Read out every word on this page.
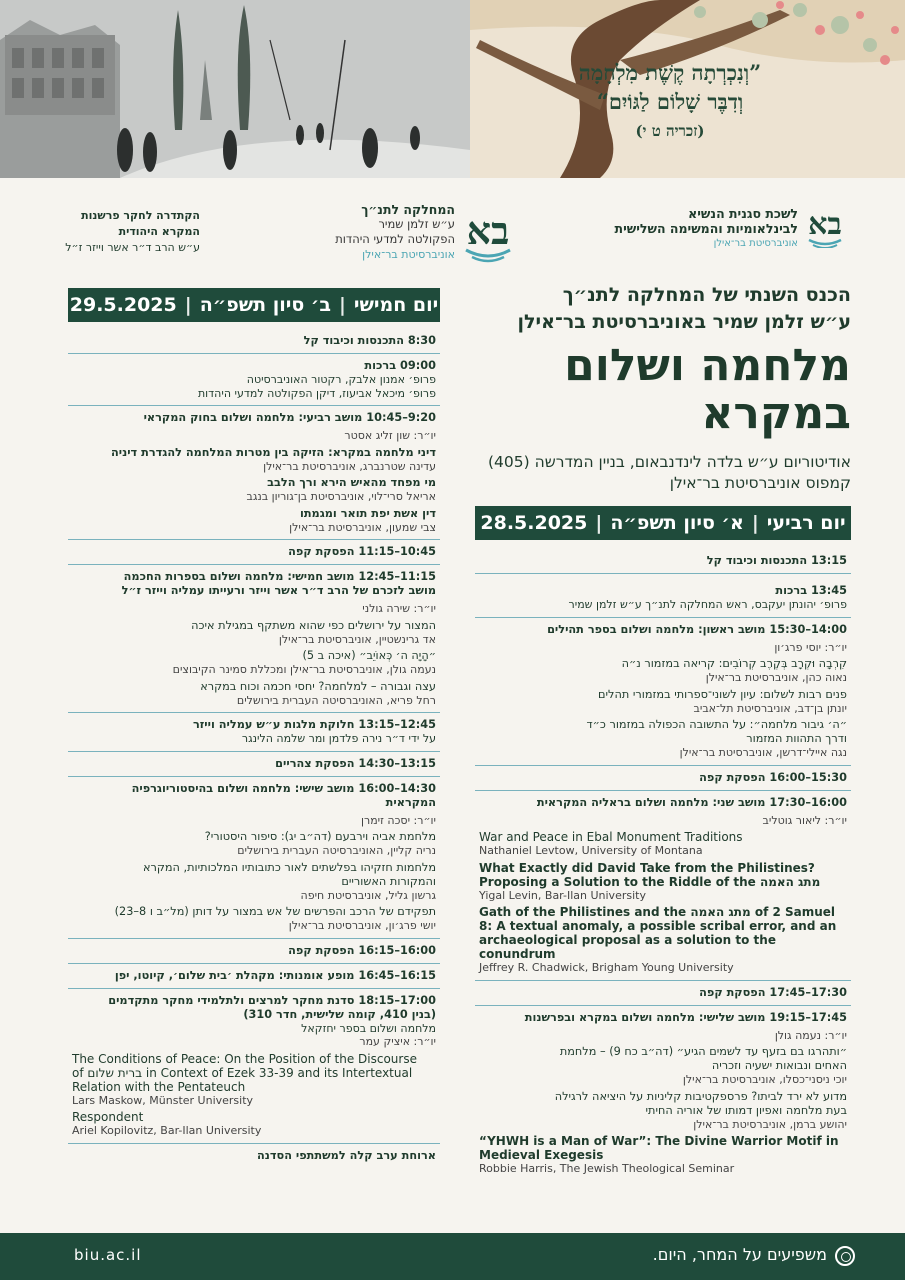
”וְנִכְרְתָה קֶשֶׁת מִלְחָמָה
וְדִבֶּר שָׁלוֹם לַגּוֹיִם“
(זכריה ט י)
בא
לשכת סגנית הנשיא
לבינלאומיות והמשימה השלישית
אוניברסיטת בר־אילן
בא
המחלקה לתנ״ך
ע״ש זלמן שמיר
הפקולטה למדעי היהדות
אוניברסיטת בר־אילן
הקתדרה לחקר פרשנות
המקרא היהודית
ע״ש הרב ד״ר אשר וייזר ז״ל
הכנס השנתי של המחלקה לתנ״ך
ע״ש זלמן שמיר באוניברסיטת בר־אילן
מלחמה ושלום
במקרא
אודיטוריום ע״ש בלדה לינדנבאום, בניין המדרשה (405)
קמפוס אוניברסיטת בר־אילן
יום רביעי
|
א׳ סיון תשפ״ה
|
28.5.2025
13:15 התכנסות וכיבוד קל
13:45 ברכות
פרופ׳ יהונתן יעקבס, ראש המחלקה לתנ״ך ע״ש זלמן שמיר
14:00–15:30 מושב ראשון: מלחמה ושלום בספר תהילים
יו״ר: יוסי פרג׳ון
קִרְבָה וּקְרָב בְּקֶרֶב קְרוֹבִים: קריאה במזמור נ״ה
נאוה כהן, אוניברסיטת בר־אילן
פנים רבות לשלום: עיון לשוני־ספרותי במזמורי תהלים
יונתן בן־דב, אוניברסיטת תל־אביב
״ה׳ גיבור מלחמה״: על התשובה הכפולה במזמור כ״ד
ודרך התהוות המזמור
נגה איילי־דרשן, אוניברסיטת בר־אילן
15:30–16:00 הפסקת קפה
16:00–17:30 מושב שני: מלחמה ושלום בראליה המקראית
יו״ר: ליאור גוטליב
War and Peace in Ebal Monument Traditions
Nathaniel Levtow, University of Montana
What Exactly did David Take from the Philistines?
Proposing a Solution to the Riddle of the מתג האמה
Yigal Levin, Bar-Ilan University
Gath of the Philistines and the מתג האמה of 2 Samuel
8: A textual anomaly, a possible scribal error, and an
archaeological proposal as a solution to the conundrum
Jeffrey R. Chadwick, Brigham Young University
17:30–17:45 הפסקת קפה
17:45–19:15 מושב שלישי: מלחמה ושלום במקרא ובפרשנות
יו״ר: נעמה גולן
״ותהרגו בם בזעף עד לשמים הגיע״ (דה״ב כח 9) – מלחמת
האחים ונבואות ישעיה וזכריה
יוכי ניסני־כסלו, אוניברסיטת בר־אילן
מדוע לא ירד לביתו? פרספקטיבות קליניות על היציאה לרגילה
בעת מלחמה ואפיון דמותו של אוריה החיתי
יהושע ברמן, אוניברסיטת בר־אילן
“YHWH is a Man of War”: The Divine Warrior Motif in
Medieval Exegesis
Robbie Harris, The Jewish Theological Seminar
יום חמישי
|
ב׳ סיון תשפ״ה
|
29.5.2025
8:30 התכנסות וכיבוד קל
09:00 ברכות
פרופ׳ אמנון אלבק, רקטור האוניברסיטה
פרופ׳ מיכאל אביעוז, דיקן הפקולטה למדעי היהדות
9:20–10:45 מושב רביעי: מלחמה ושלום בחוק המקראי
יו״ר: שון זליג אסטר
דיני מלחמה במקרא: הזיקה בין מטרות המלחמה להגדרת דיניה
עדינה שטרנברג, אוניברסיטת בר־אילן
מי מפחד מהאיש הירא ורך הלבב
אריאל סרי־לוי, אוניברסיטת בן־גוריון בנגב
דין אשת יפת תואר ומגמתו
צבי שמעון, אוניברסיטת בר־אילן
10:45–11:15 הפסקת קפה
11:15–12:45 מושב חמישי: מלחמה ושלום בספרות החכמה
מושב לזכרם של הרב ד״ר אשר וייזר ורעייתו עמליה וייזר ז״ל
יו״ר: שירה גולני
המצור על ירושלים כפי שהוא משתקף במגילת איכה
אד גרינשטיין, אוניברסיטת בר־אילן
״הָיָה ה׳ כְּאוֹיֵב״ (איכה ב 5)
נעמה גולן, אוניברסיטת בר־אילן ומכללת סמינר הקיבוצים
עצה וגבורה – למלחמה? יחסי חכמה וכוח במקרא
רחל פריא, האוניברסיטה העברית בירושלים
12:45–13:15 חלוקת מלגות ע״ש עמליה וייזר
על ידי ד״ר נירה פלדמן ומר שלמה הלינגר
13:15–14:30 הפסקת צהריים
14:30–16:00 מושב שישי: מלחמה ושלום בהיסטוריוגרפיה
המקראית
יו״ר: יסכה זימרן
מלחמת אביה וירבעם (דה״ב יג): סיפור היסטורי?
נריה קליין, האוניברסיטה העברית בירושלים
מלחמות חזקיהו בפלשתים לאור כתובותיו המלכותיות, המקרא
והמקורות האשוריים
גרשון גליל, אוניברסיטת חיפה
תפקידם של הרכב והפרשים של אש במצור על דותן (מל״ב ו 8–23)
יושי פרג׳ון, אוניברסיטת בר־אילן
16:00–16:15 הפסקת קפה
16:15–16:45 מופע אומנותי: מקהלת ׳בית שלום׳, קיוטו, יפן
17:00–18:15 סדנת מחקר למרצים ולתלמידי מחקר מתקדמים
(בנין 410, קומה שלישית, חדר 310)
מלחמה ושלום בספר יחזקאל
יו״ר: איציק עמר
The Conditions of Peace: On the Position of the Discourse
of ברית שלום in Context of Ezek 33-39 and its Intertextual
Relation with the Pentateuch
Lars Maskow, Münster University
Respondent
Ariel Kopilovitz, Bar-Ilan University
ארוחת ערב קלה למשתתפי הסדנה
biu.ac.il	משפיעים על המחר, היום.
